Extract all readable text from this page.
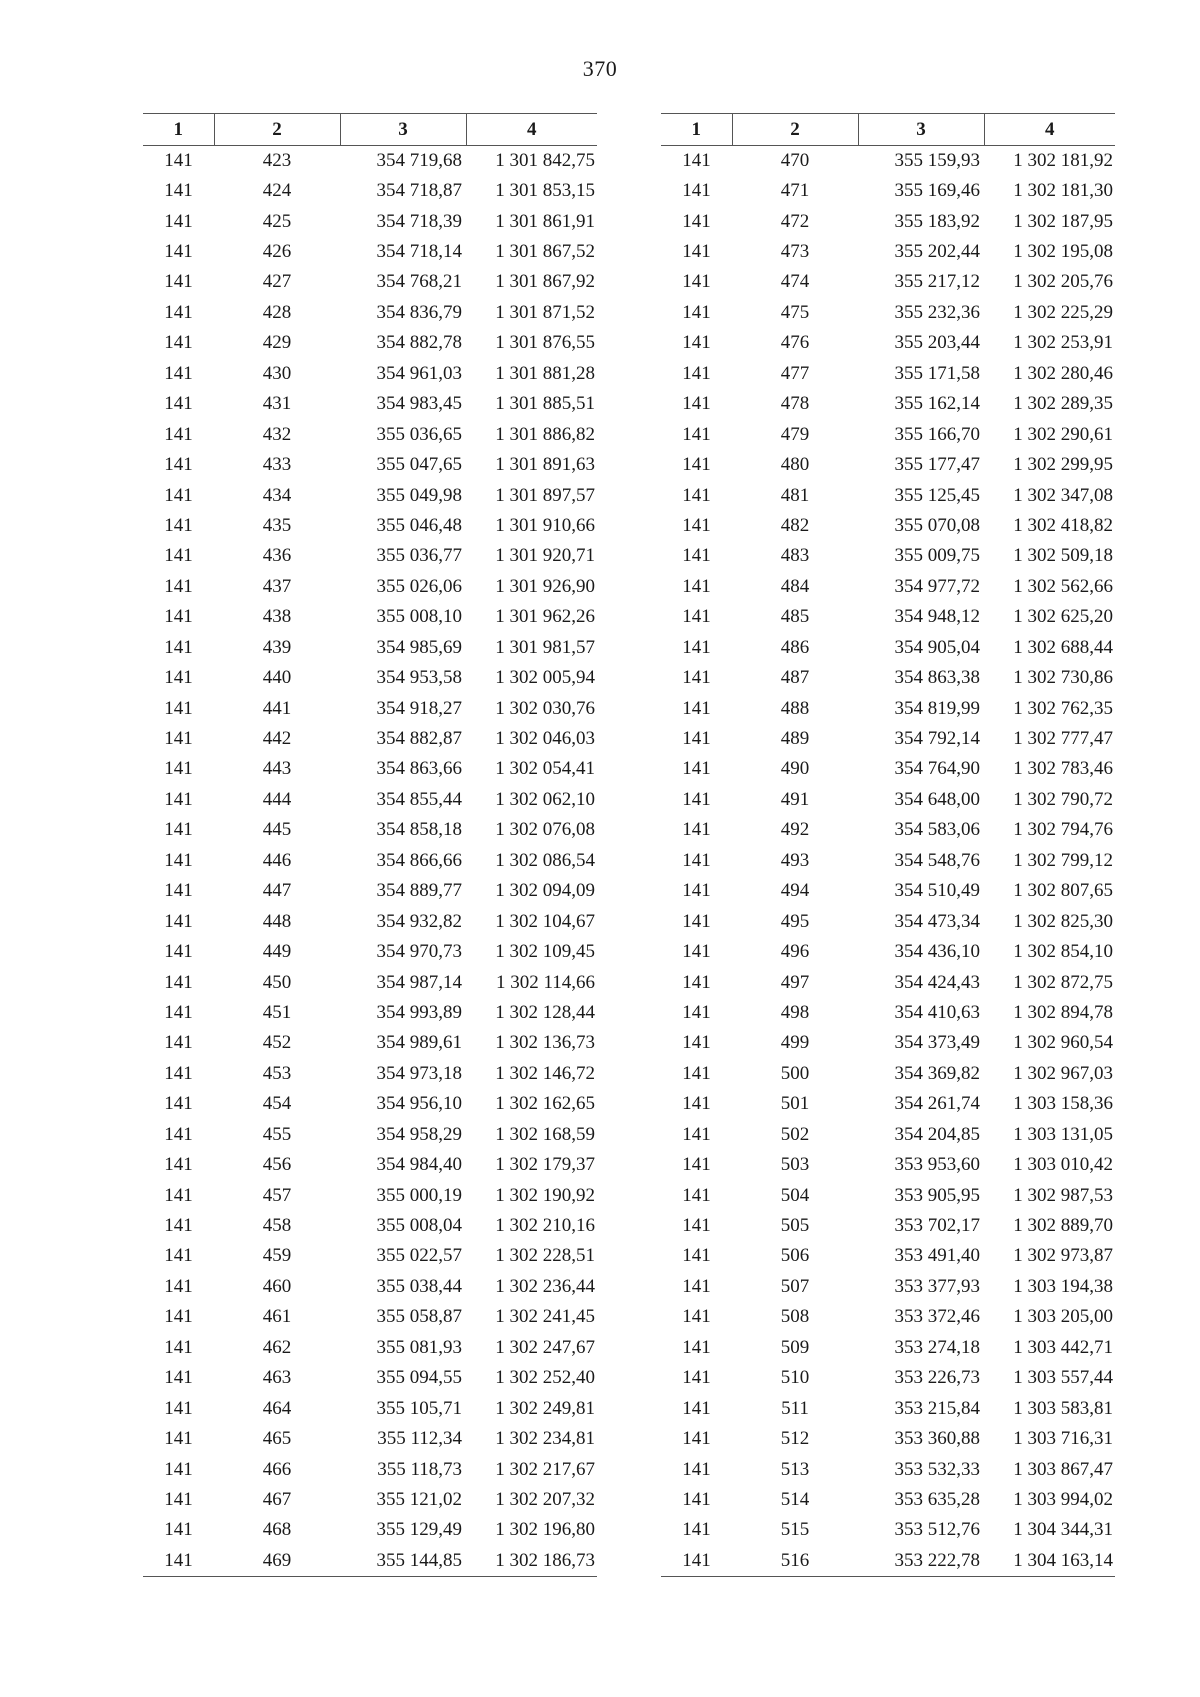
370
1	2	3	4
141	423	354 719,68	1 301 842,75
141	424	354 718,87	1 301 853,15
141	425	354 718,39	1 301 861,91
141	426	354 718,14	1 301 867,52
141	427	354 768,21	1 301 867,92
141	428	354 836,79	1 301 871,52
141	429	354 882,78	1 301 876,55
141	430	354 961,03	1 301 881,28
141	431	354 983,45	1 301 885,51
141	432	355 036,65	1 301 886,82
141	433	355 047,65	1 301 891,63
141	434	355 049,98	1 301 897,57
141	435	355 046,48	1 301 910,66
141	436	355 036,77	1 301 920,71
141	437	355 026,06	1 301 926,90
141	438	355 008,10	1 301 962,26
141	439	354 985,69	1 301 981,57
141	440	354 953,58	1 302 005,94
141	441	354 918,27	1 302 030,76
141	442	354 882,87	1 302 046,03
141	443	354 863,66	1 302 054,41
141	444	354 855,44	1 302 062,10
141	445	354 858,18	1 302 076,08
141	446	354 866,66	1 302 086,54
141	447	354 889,77	1 302 094,09
141	448	354 932,82	1 302 104,67
141	449	354 970,73	1 302 109,45
141	450	354 987,14	1 302 114,66
141	451	354 993,89	1 302 128,44
141	452	354 989,61	1 302 136,73
141	453	354 973,18	1 302 146,72
141	454	354 956,10	1 302 162,65
141	455	354 958,29	1 302 168,59
141	456	354 984,40	1 302 179,37
141	457	355 000,19	1 302 190,92
141	458	355 008,04	1 302 210,16
141	459	355 022,57	1 302 228,51
141	460	355 038,44	1 302 236,44
141	461	355 058,87	1 302 241,45
141	462	355 081,93	1 302 247,67
141	463	355 094,55	1 302 252,40
141	464	355 105,71	1 302 249,81
141	465	355 112,34	1 302 234,81
141	466	355 118,73	1 302 217,67
141	467	355 121,02	1 302 207,32
141	468	355 129,49	1 302 196,80
141	469	355 144,85	1 302 186,73
1	2	3	4
141	470	355 159,93	1 302 181,92
141	471	355 169,46	1 302 181,30
141	472	355 183,92	1 302 187,95
141	473	355 202,44	1 302 195,08
141	474	355 217,12	1 302 205,76
141	475	355 232,36	1 302 225,29
141	476	355 203,44	1 302 253,91
141	477	355 171,58	1 302 280,46
141	478	355 162,14	1 302 289,35
141	479	355 166,70	1 302 290,61
141	480	355 177,47	1 302 299,95
141	481	355 125,45	1 302 347,08
141	482	355 070,08	1 302 418,82
141	483	355 009,75	1 302 509,18
141	484	354 977,72	1 302 562,66
141	485	354 948,12	1 302 625,20
141	486	354 905,04	1 302 688,44
141	487	354 863,38	1 302 730,86
141	488	354 819,99	1 302 762,35
141	489	354 792,14	1 302 777,47
141	490	354 764,90	1 302 783,46
141	491	354 648,00	1 302 790,72
141	492	354 583,06	1 302 794,76
141	493	354 548,76	1 302 799,12
141	494	354 510,49	1 302 807,65
141	495	354 473,34	1 302 825,30
141	496	354 436,10	1 302 854,10
141	497	354 424,43	1 302 872,75
141	498	354 410,63	1 302 894,78
141	499	354 373,49	1 302 960,54
141	500	354 369,82	1 302 967,03
141	501	354 261,74	1 303 158,36
141	502	354 204,85	1 303 131,05
141	503	353 953,60	1 303 010,42
141	504	353 905,95	1 302 987,53
141	505	353 702,17	1 302 889,70
141	506	353 491,40	1 302 973,87
141	507	353 377,93	1 303 194,38
141	508	353 372,46	1 303 205,00
141	509	353 274,18	1 303 442,71
141	510	353 226,73	1 303 557,44
141	511	353 215,84	1 303 583,81
141	512	353 360,88	1 303 716,31
141	513	353 532,33	1 303 867,47
141	514	353 635,28	1 303 994,02
141	515	353 512,76	1 304 344,31
141	516	353 222,78	1 304 163,14
